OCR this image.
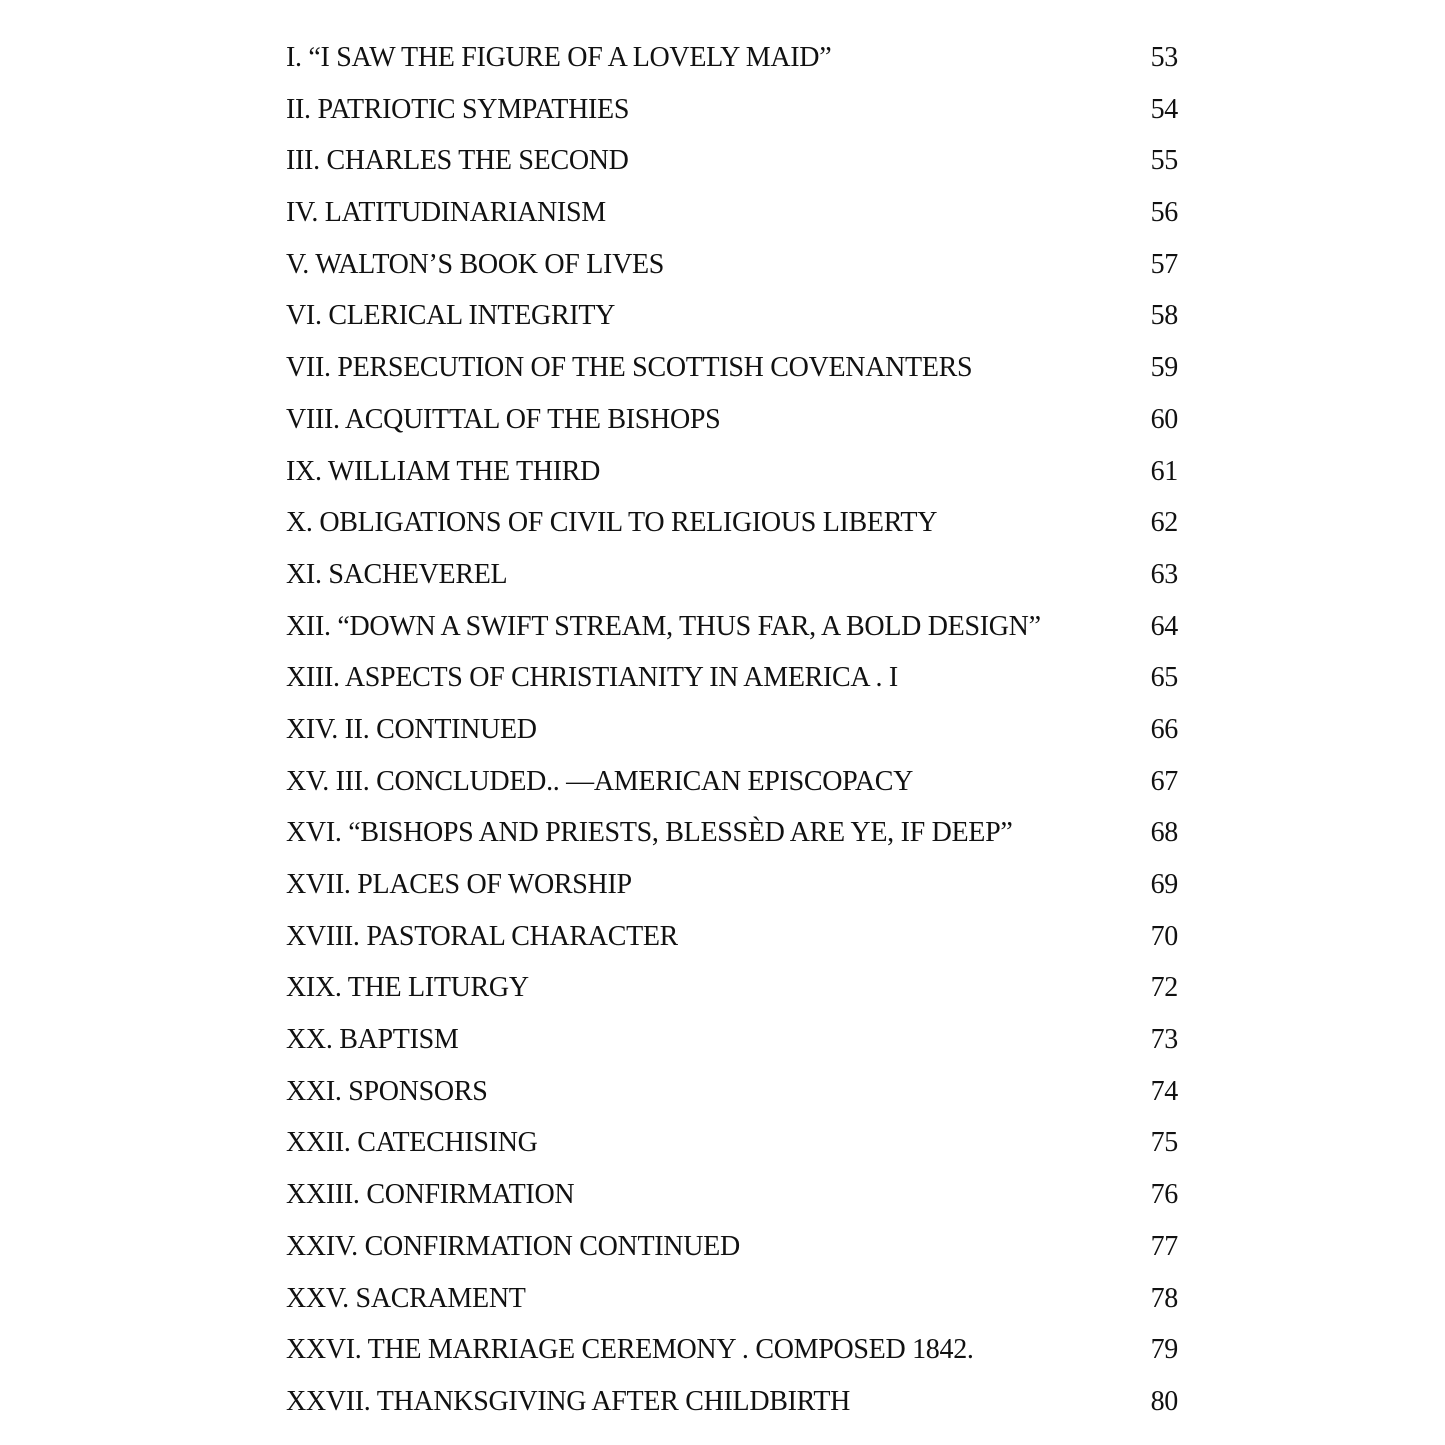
I. “I SAW THE FIGURE OF A LOVELY MAID”	53
II. PATRIOTIC SYMPATHIES	54
III. CHARLES THE SECOND	55
IV. LATITUDINARIANISM	56
V. WALTON’S BOOK OF LIVES	57
VI. CLERICAL INTEGRITY	58
VII. PERSECUTION OF THE SCOTTISH COVENANTERS	59
VIII. ACQUITTAL OF THE BISHOPS	60
IX. WILLIAM THE THIRD	61
X. OBLIGATIONS OF CIVIL TO RELIGIOUS LIBERTY	62
XI. SACHEVEREL	63
XII. “DOWN A SWIFT STREAM, THUS FAR, A BOLD DESIGN”	64
XIII. ASPECTS OF CHRISTIANITY IN AMERICA . I	65
XIV. II. CONTINUED	66
XV. III. CONCLUDED.. —AMERICAN EPISCOPACY	67
XVI. “BISHOPS AND PRIESTS, BLESSÈD ARE YE, IF DEEP”	68
XVII. PLACES OF WORSHIP	69
XVIII. PASTORAL CHARACTER	70
XIX. THE LITURGY	72
XX. BAPTISM	73
XXI. SPONSORS	74
XXII. CATECHISING	75
XXIII. CONFIRMATION	76
XXIV. CONFIRMATION CONTINUED	77
XXV. SACRAMENT	78
XXVI. THE MARRIAGE CEREMONY . COMPOSED 1842.	79
XXVII. THANKSGIVING AFTER CHILDBIRTH	80
